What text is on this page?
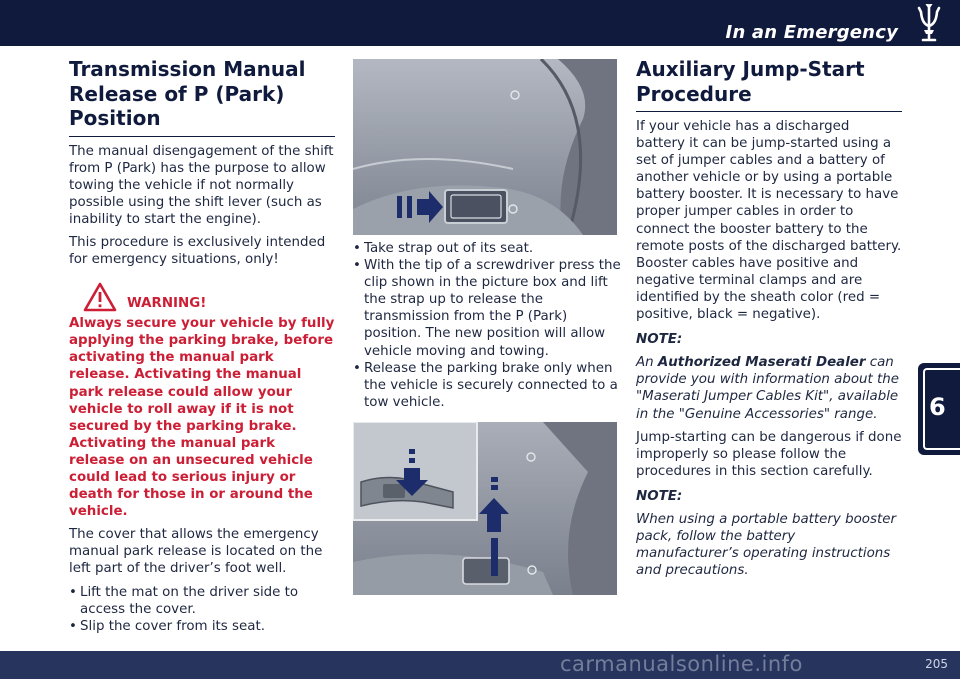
In an Emergency
6
Transmission Manual Release of P (Park) Position

The manual disengagement of the shift from P (Park) has the purpose to allow towing the vehicle if not normally possible using the shift lever (such as inability to start the engine).

This procedure is exclusively intended for emergency situations, only!

WARNING!

Always secure your vehicle by fully applying the parking brake, before activating the manual park release. Activating the manual park release could allow your vehicle to roll away if it is not secured by the parking brake. Activating the manual park release on an unsecured vehicle could lead to serious injury or death for those in or around the vehicle.

The cover that allows the emergency manual park release is located on the left part of the driver’s foot well.

• Lift the mat on the driver side to access the cover.
• Slip the cover from its seat.
• Take strap out of its seat.
• With the tip of a screwdriver press the clip shown in the picture box and lift the strap up to release the transmission from the P (Park) position. The new position will allow vehicle moving and towing.
• Release the parking brake only when the vehicle is securely connected to a tow vehicle.
Auxiliary Jump-Start Procedure

If your vehicle has a discharged battery it can be jump-started using a set of jumper cables and a battery of another vehicle or by using a portable battery booster. It is necessary to have proper jumper cables in order to connect the booster battery to the remote posts of the discharged battery. Booster cables have positive and negative terminal clamps and are identified by the sheath color (red = positive, black = negative).

NOTE:

An Authorized Maserati Dealer can provide you with information about the "Maserati Jumper Cables Kit", available in the "Genuine Accessories" range.

Jump-starting can be dangerous if done improperly so please follow the procedures in this section carefully.

NOTE:

When using a portable battery booster pack, follow the battery manufacturer’s operating instructions and precautions.

205
carmanualsonline.info
